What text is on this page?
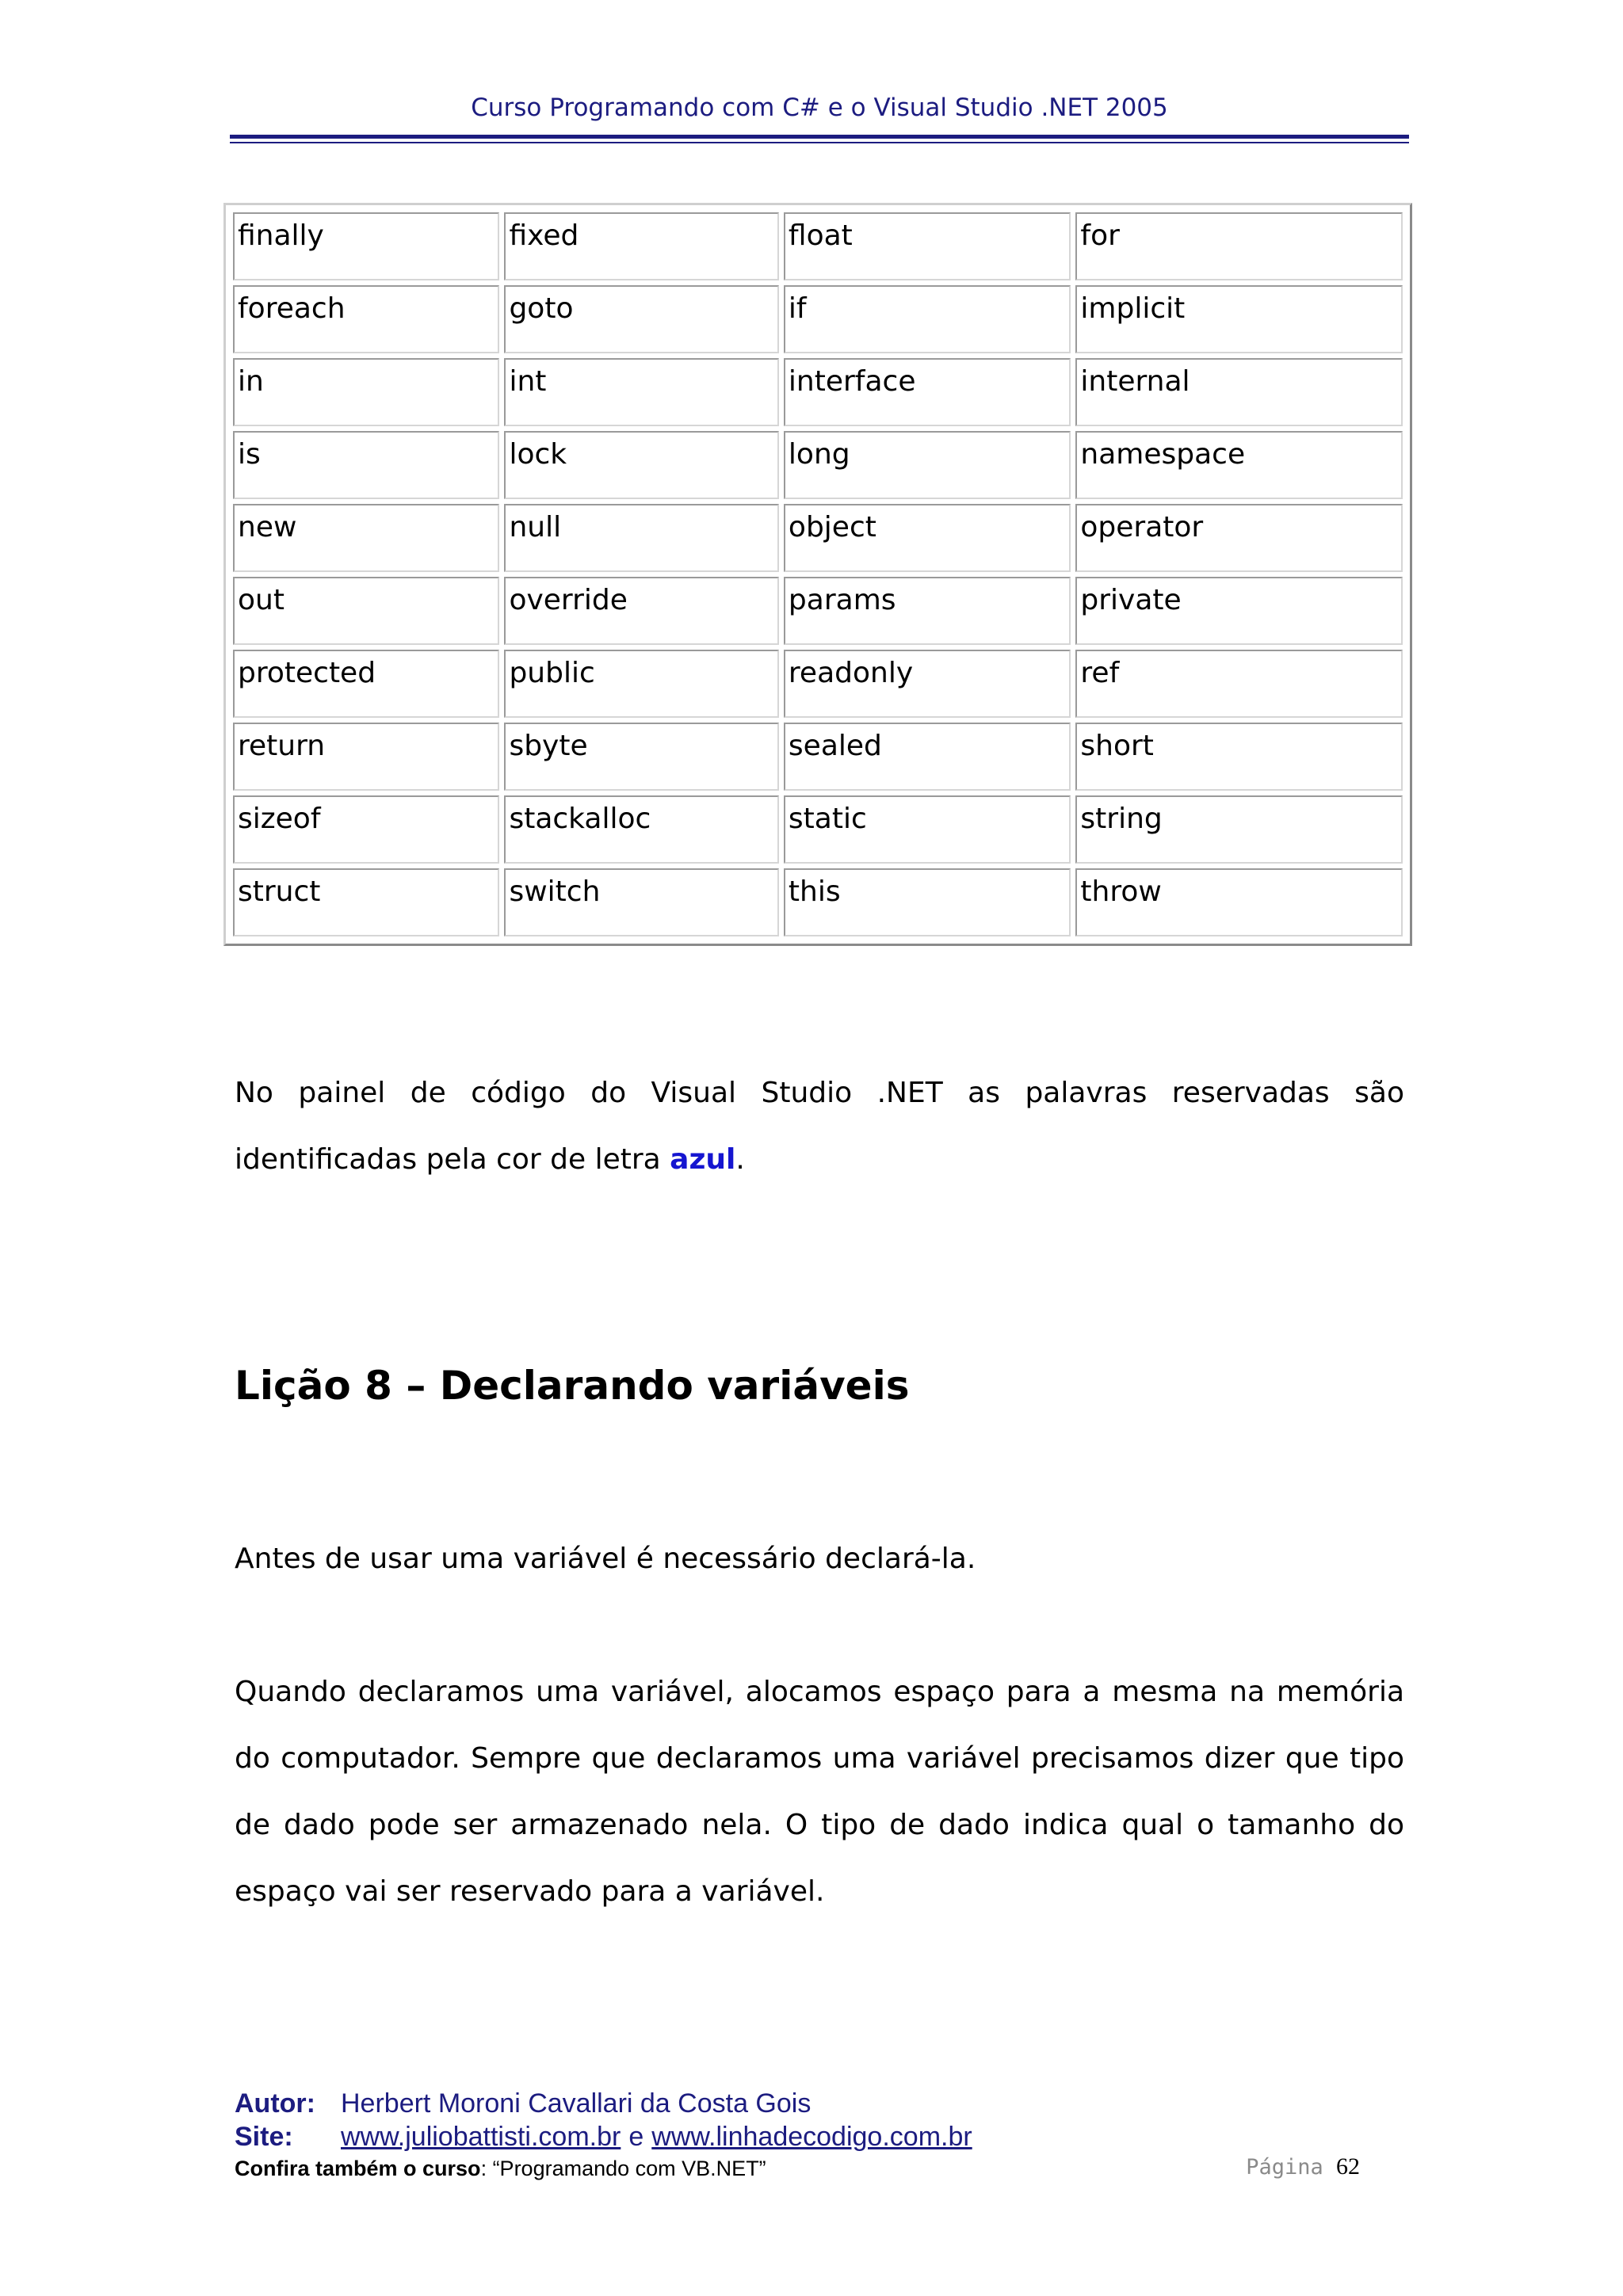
Curso Programando com C# e o Visual Studio .NET 2005
finally	fixed	float	for
foreach	goto	if	implicit
in	int	interface	internal
is	lock	long	namespace
new	null	object	operator
out	override	params	private
protected	public	readonly	ref
return	sbyte	sealed	short
sizeof	stackalloc	static	string
struct	switch	this	throw
No painel de código do Visual Studio .NET as palavras reservadas são identificadas pela cor de letra azul.
Lição 8 – Declarando variáveis
Antes de usar uma variável é necessário declará-la.
Quando declaramos uma variável, alocamos espaço para a mesma na memória do computador. Sempre que declaramos uma variável precisamos dizer que tipo de dado pode ser armazenado nela. O tipo de dado indica qual o tamanho do espaço vai ser reservado para a variável.
Autor: Herbert Moroni Cavallari da Costa Gois
Site:	www.juliobattisti.com.br e www.linhadecodigo.com.br
Confira também o curso: “Programando com VB.NET”	Página 62
